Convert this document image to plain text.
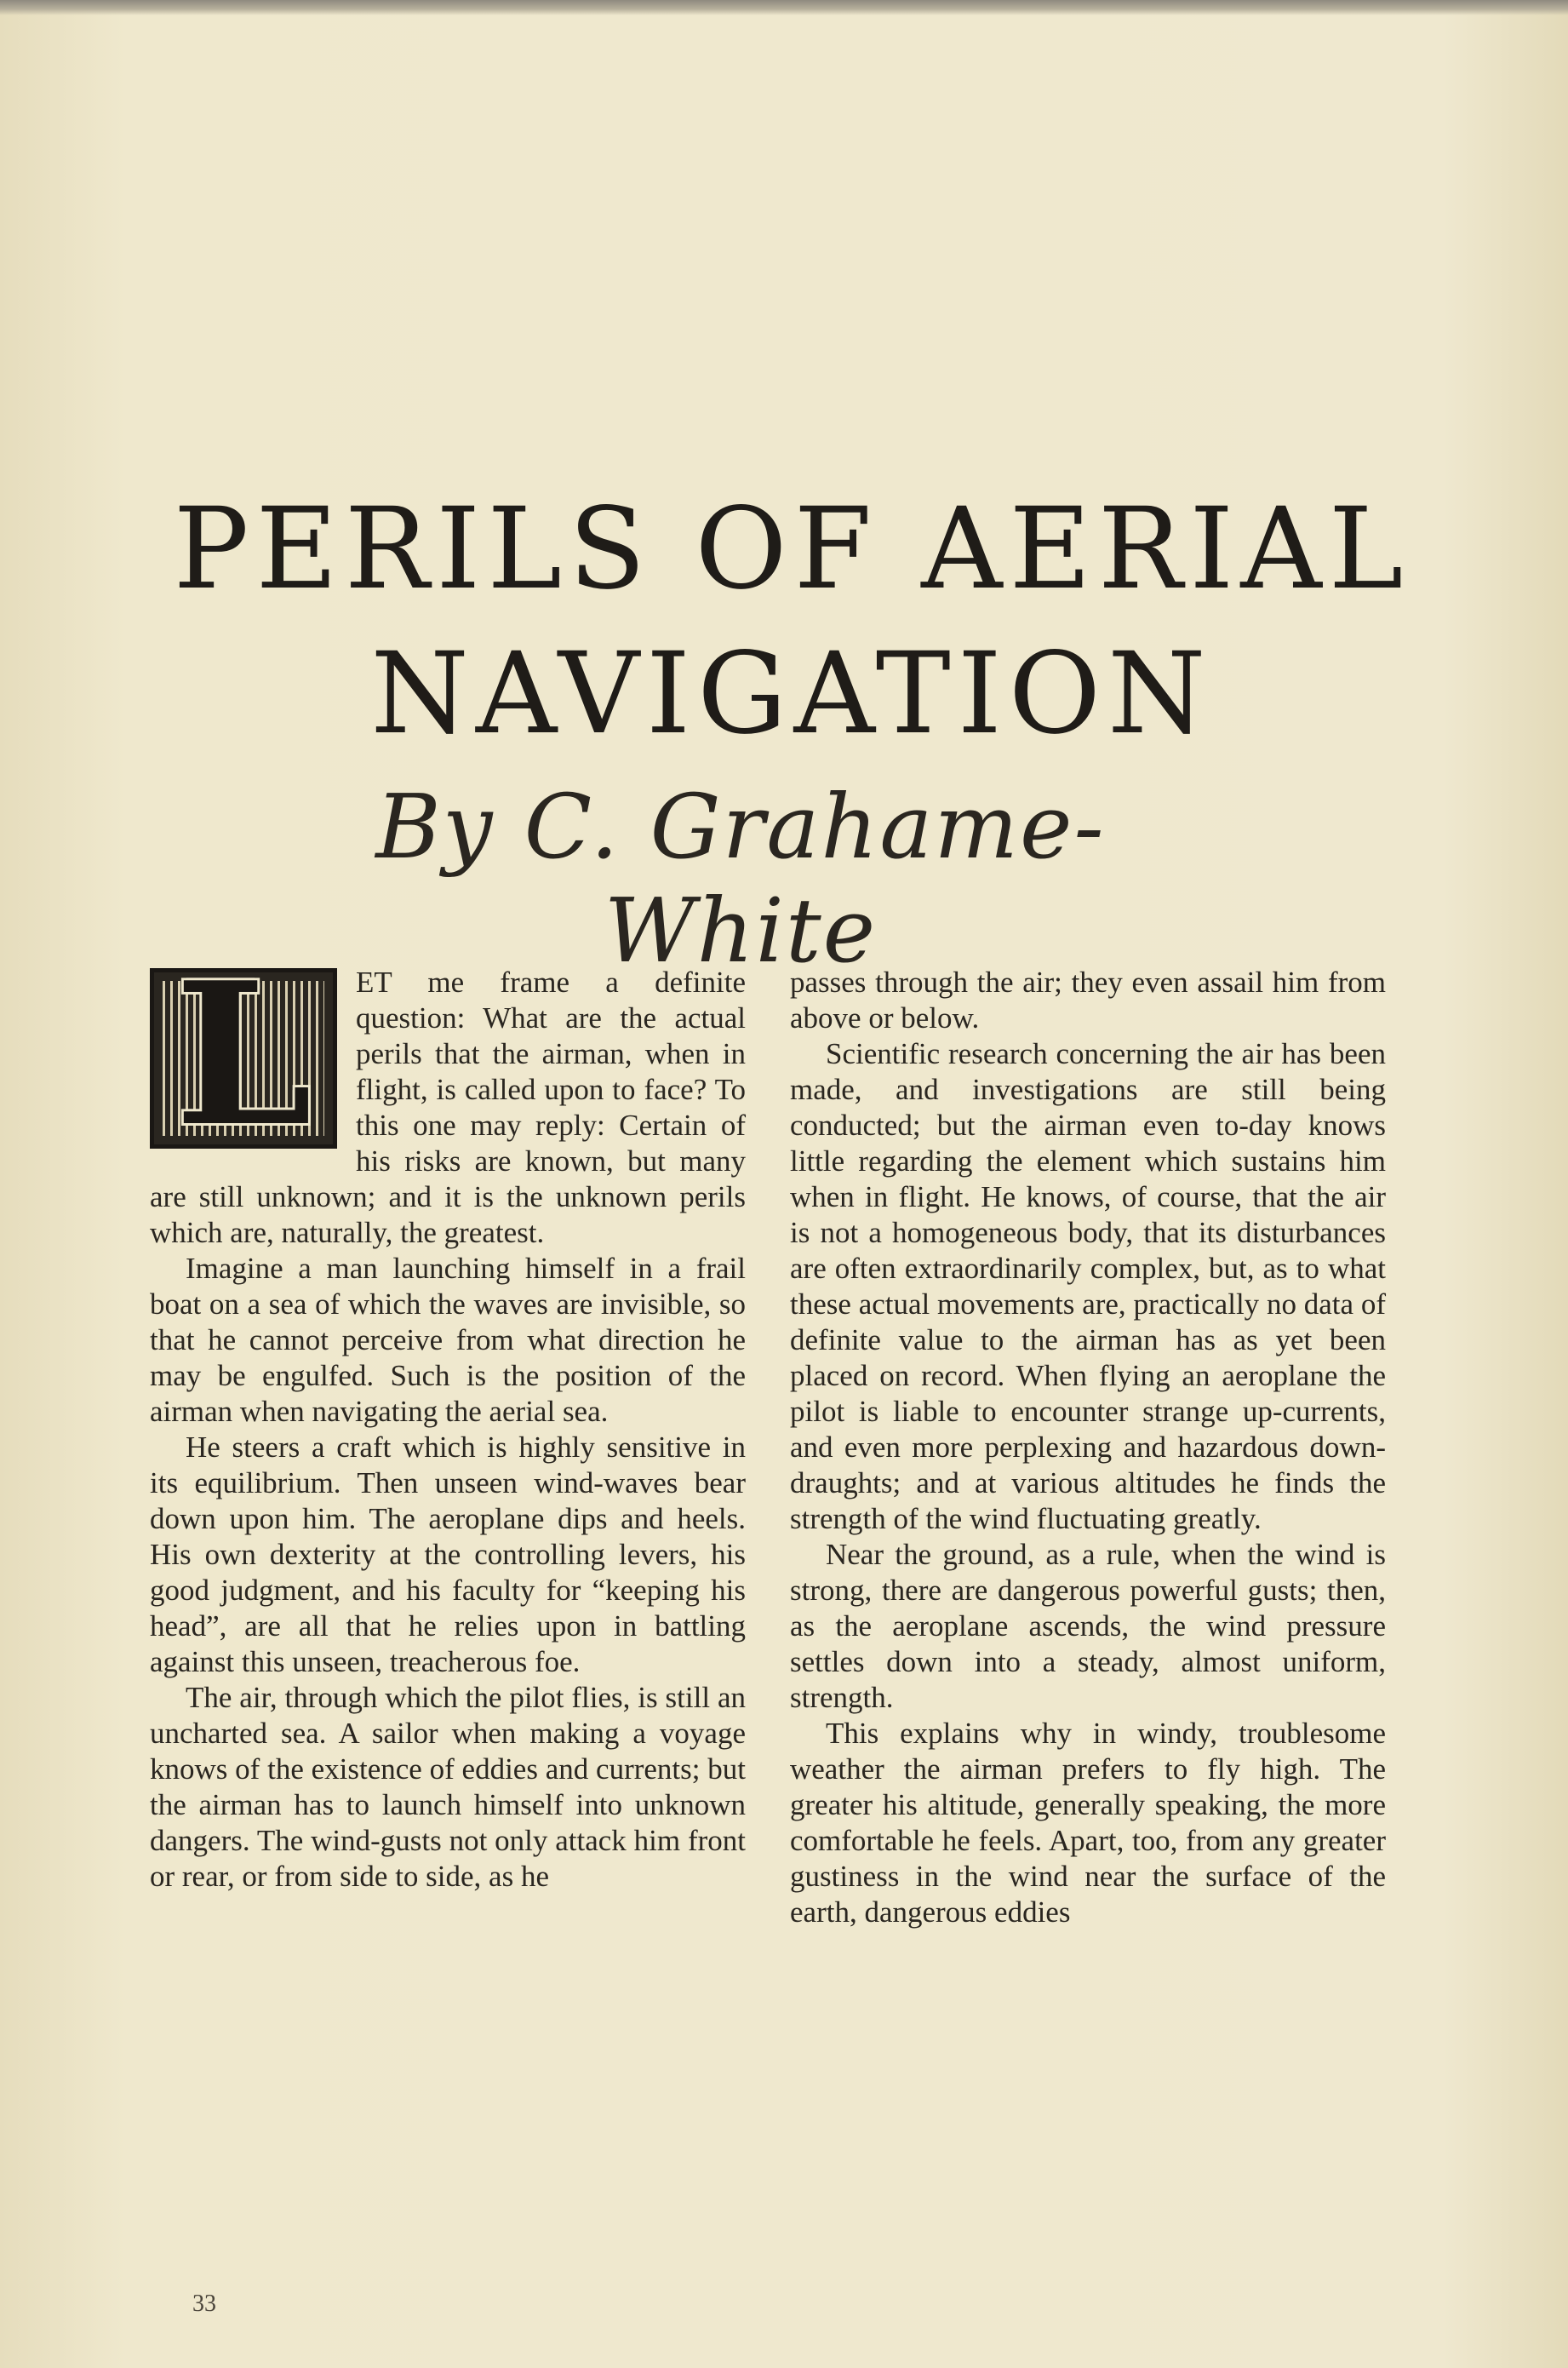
PERILS OF AERIAL
NAVIGATION
By C. Grahame-White
L	ET me frame a definite question: What are the actual perils that the airman, when in flight, is called upon to face? To this one may reply: Certain of his risks are known, but many are still unknown; and it is the unknown perils which are, naturally, the greatest.

Imagine a man launching himself in a frail boat on a sea of which the waves are invisible, so that he cannot perceive from what direction he may be engulfed. Such is the position of the airman when navigating the aerial sea.

He steers a craft which is highly sensitive in its equilibrium. Then unseen wind-waves bear down upon him. The aeroplane dips and heels. His own dexterity at the controlling levers, his good judgment, and his faculty for “keeping his head”, are all that he relies upon in battling against this unseen, treacherous foe.

The air, through which the pilot flies, is still an uncharted sea. A sailor when making a voyage knows of the existence of eddies and currents; but the airman has to launch himself into unknown dangers. The wind-gusts not only attack him front or rear, or from side to side, as he

passes through the air; they even assail him from above or below.

Scientific research concerning the air has been made, and investigations are still being conducted; but the airman even to-day knows little regarding the element which sustains him when in flight. He knows, of course, that the air is not a homogeneous body, that its disturbances are often extraordinarily complex, but, as to what these actual movements are, practically no data of definite value to the airman has as yet been placed on record. When flying an aeroplane the pilot is liable to encounter strange up-currents, and even more perplexing and hazardous down-draughts; and at various altitudes he finds the strength of the wind fluctuating greatly.

Near the ground, as a rule, when the wind is strong, there are dangerous powerful gusts; then, as the aeroplane ascends, the wind pressure settles down into a steady, almost uniform, strength.

This explains why in windy, troublesome weather the airman prefers to fly high. The greater his altitude, generally speaking, the more comfortable he feels. Apart, too, from any greater gustiness in the wind near the surface of the earth, dangerous eddies

33
